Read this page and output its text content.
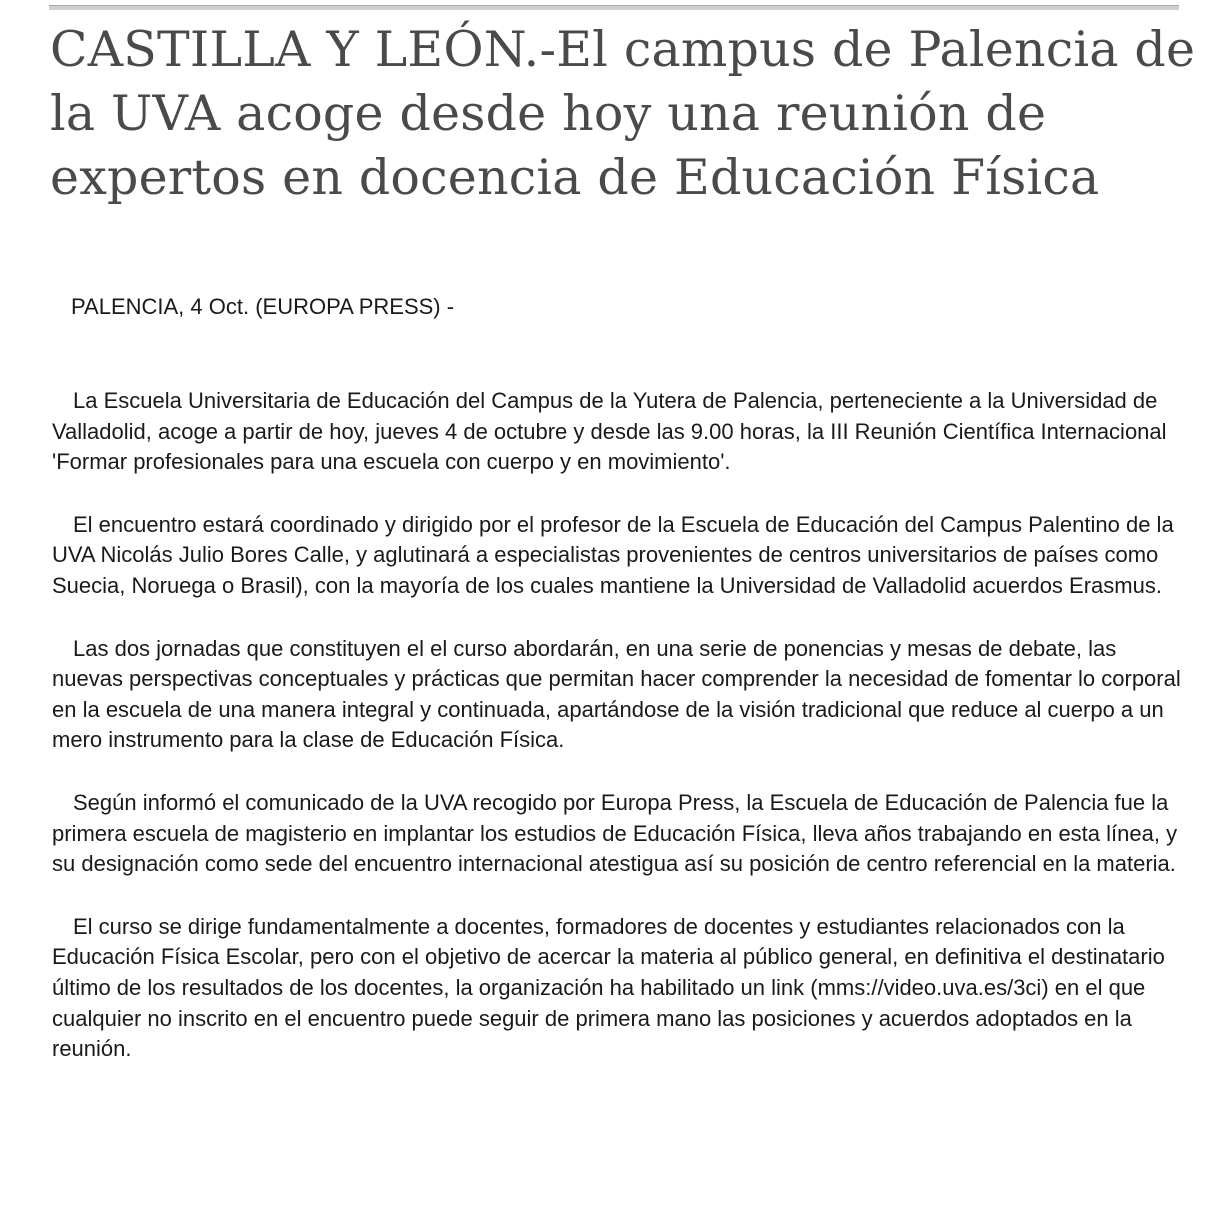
CASTILLA Y LEÓN.-El campus de Palencia de la UVA acoge desde hoy una reunión de expertos en docencia de Educación Física

PALENCIA, 4 Oct. (EUROPA PRESS) -

La Escuela Universitaria de Educación del Campus de la Yutera de Palencia, perteneciente a la Universidad de Valladolid, acoge a partir de hoy, jueves 4 de octubre y desde las 9.00 horas, la III Reunión Científica Internacional 'Formar profesionales para una escuela con cuerpo y en movimiento'.

El encuentro estará coordinado y dirigido por el profesor de la Escuela de Educación del Campus Palentino de la UVA Nicolás Julio Bores Calle, y aglutinará a especialistas provenientes de centros universitarios de países como Suecia, Noruega o Brasil), con la mayoría de los cuales mantiene la Universidad de Valladolid acuerdos Erasmus.

Las dos jornadas que constituyen el el curso abordarán, en una serie de ponencias y mesas de debate, las nuevas perspectivas conceptuales y prácticas que permitan hacer comprender la necesidad de fomentar lo corporal en la escuela de una manera integral y continuada, apartándose de la visión tradicional que reduce al cuerpo a un mero instrumento para la clase de Educación Física.

Según informó el comunicado de la UVA recogido por Europa Press, la Escuela de Educación de Palencia fue la primera escuela de magisterio en implantar los estudios de Educación Física, lleva años trabajando en esta línea, y su designación como sede del encuentro internacional atestigua así su posición de centro referencial en la materia.

El curso se dirige fundamentalmente a docentes, formadores de docentes y estudiantes relacionados con la Educación Física Escolar, pero con el objetivo de acercar la materia al público general, en definitiva el destinatario último de los resultados de los docentes, la organización ha habilitado un link (mms://video.uva.es/3ci) en el que cualquier no inscrito en el encuentro puede seguir de primera mano las posiciones y acuerdos adoptados en la reunión.
